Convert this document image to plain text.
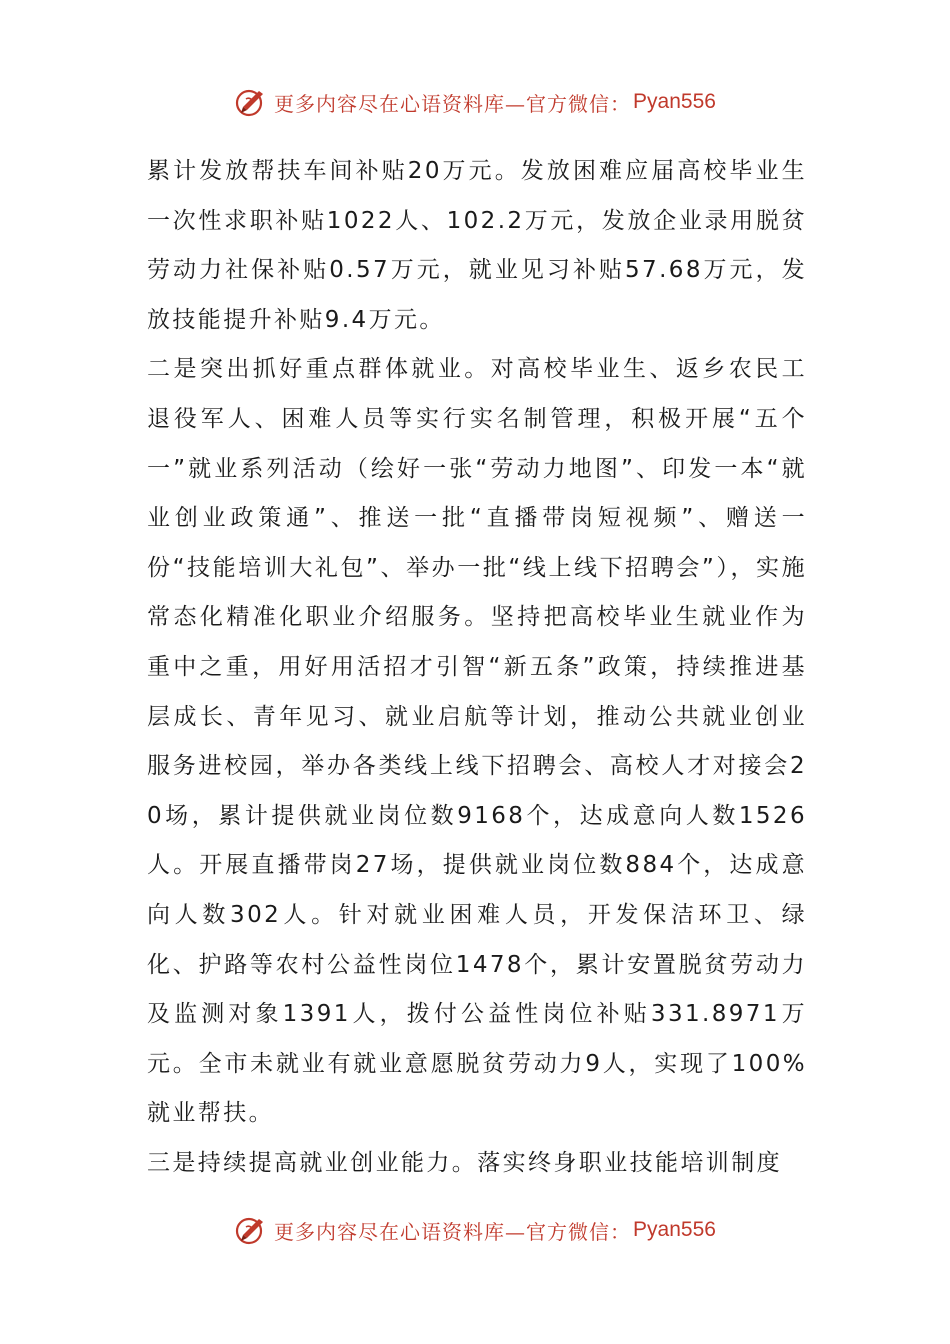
更多内容尽在心语资料库—官方微信： Pyan556

累计发放帮扶车间补贴20万元。发放困难应届高校毕业生一次性求职补贴1022人、102.2万元，发放企业录用脱贫劳动力社保补贴0.57万元，就业见习补贴57.68万元，发放技能提升补贴9.4万元。

二是突出抓好重点群体就业。对高校毕业生、返乡农民工退役军人、困难人员等实行实名制管理，积极开展“五个一”就业系列活动（绘好一张“劳动力地图”、印发一本“就业创业政策通”、推送一批“直播带岗短视频”、赠送一份“技能培训大礼包”、举办一批“线上线下招聘会”），实施常态化精准化职业介绍服务。坚持把高校毕业生就业作为重中之重，用好用活招才引智“新五条”政策，持续推进基层成长、青年见习、就业启航等计划，推动公共就业创业服务进校园，举办各类线上线下招聘会、高校人才对接会20场，累计提供就业岗位数9168个，达成意向人数1526人。开展直播带岗27场，提供就业岗位数884个，达成意向人数302人。针对就业困难人员，开发保洁环卫、绿化、护路等农村公益性岗位1478个，累计安置脱贫劳动力及监测对象1391人，拨付公益性岗位补贴331.8971万元。全市未就业有就业意愿脱贫劳动力9人，实现了100%就业帮扶。

三是持续提高就业创业能力。落实终身职业技能培训制度

更多内容尽在心语资料库—官方微信： Pyan556
